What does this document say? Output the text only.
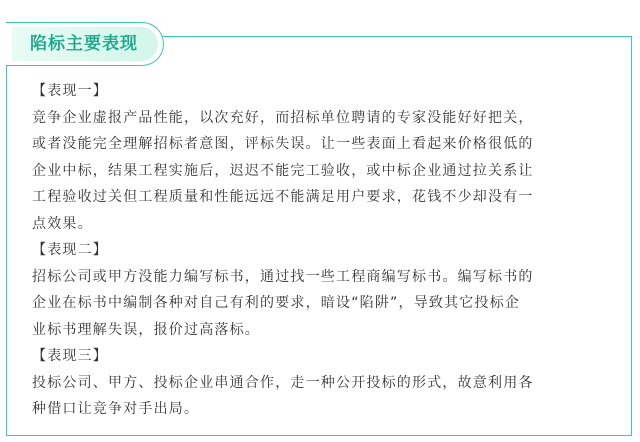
陷标主要表现
【表现一】
竞争企业虚报产品性能，以次充好，而招标单位聘请的专家没能好好把关，
或者没能完全理解招标者意图，评标失误。让一些表面上看起来价格很低的
企业中标，结果工程实施后，迟迟不能完工验收，或中标企业通过拉关系让
工程验收过关但工程质量和性能远远不能满足用户要求，花钱不少却没有一
点效果。
【表现二】
招标公司或甲方没能力编写标书，通过找一些工程商编写标书。编写标书的
企业在标书中编制各种对自己有利的要求，暗设“陷阱”，导致其它投标企
业标书理解失误，报价过高落标。
【表现三】
投标公司、甲方、投标企业串通合作，走一种公开投标的形式，故意利用各
种借口让竞争对手出局。
